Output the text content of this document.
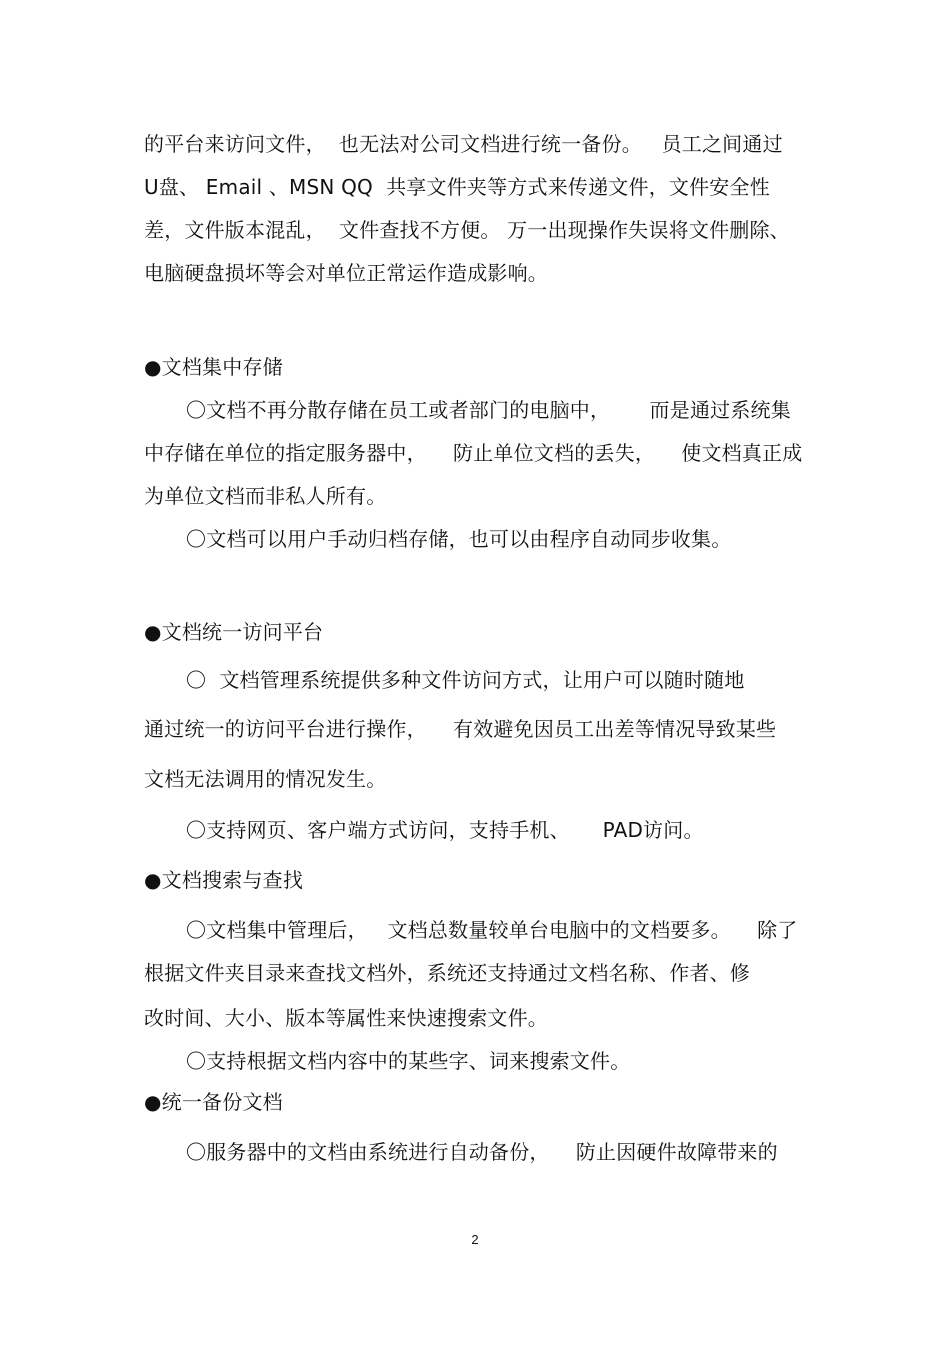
的平台来访问文件，  也无法对公司文档进行统一备份。   员工之间通过
U盘、 Email 、MSN QQ  共享文件夹等方式来传递文件，文件安全性
差，文件版本混乱，  文件查找不方便。 万一出现操作失误将文件删除、
电脑硬盘损坏等会对单位正常运作造成影响。
●文档集中存储
〇文档不再分散存储在员工或者部门的电脑中，      而是通过系统集
中存储在单位的指定服务器中，    防止单位文档的丢失，    使文档真正成
为单位文档而非私人所有。
〇文档可以用户手动归档存储，也可以由程序自动同步收集。
●文档统一访问平台
〇  文档管理系统提供多种文件访问方式，让用户可以随时随地
通过统一的访问平台进行操作，    有效避免因员工出差等情况导致某些
文档无法调用的情况发生。
〇支持网页、客户端方式访问，支持手机、     PAD访问。
●文档搜索与查找
〇文档集中管理后，   文档总数量较单台电脑中的文档要多。    除了
根据文件夹目录来查找文档外，系统还支持通过文档名称、作者、修
改时间、大小、版本等属性来快速搜索文件。
〇支持根据文档内容中的某些字、词来搜索文件。
●统一备份文档
〇服务器中的文档由系统进行自动备份，    防止因硬件故障带来的
2
